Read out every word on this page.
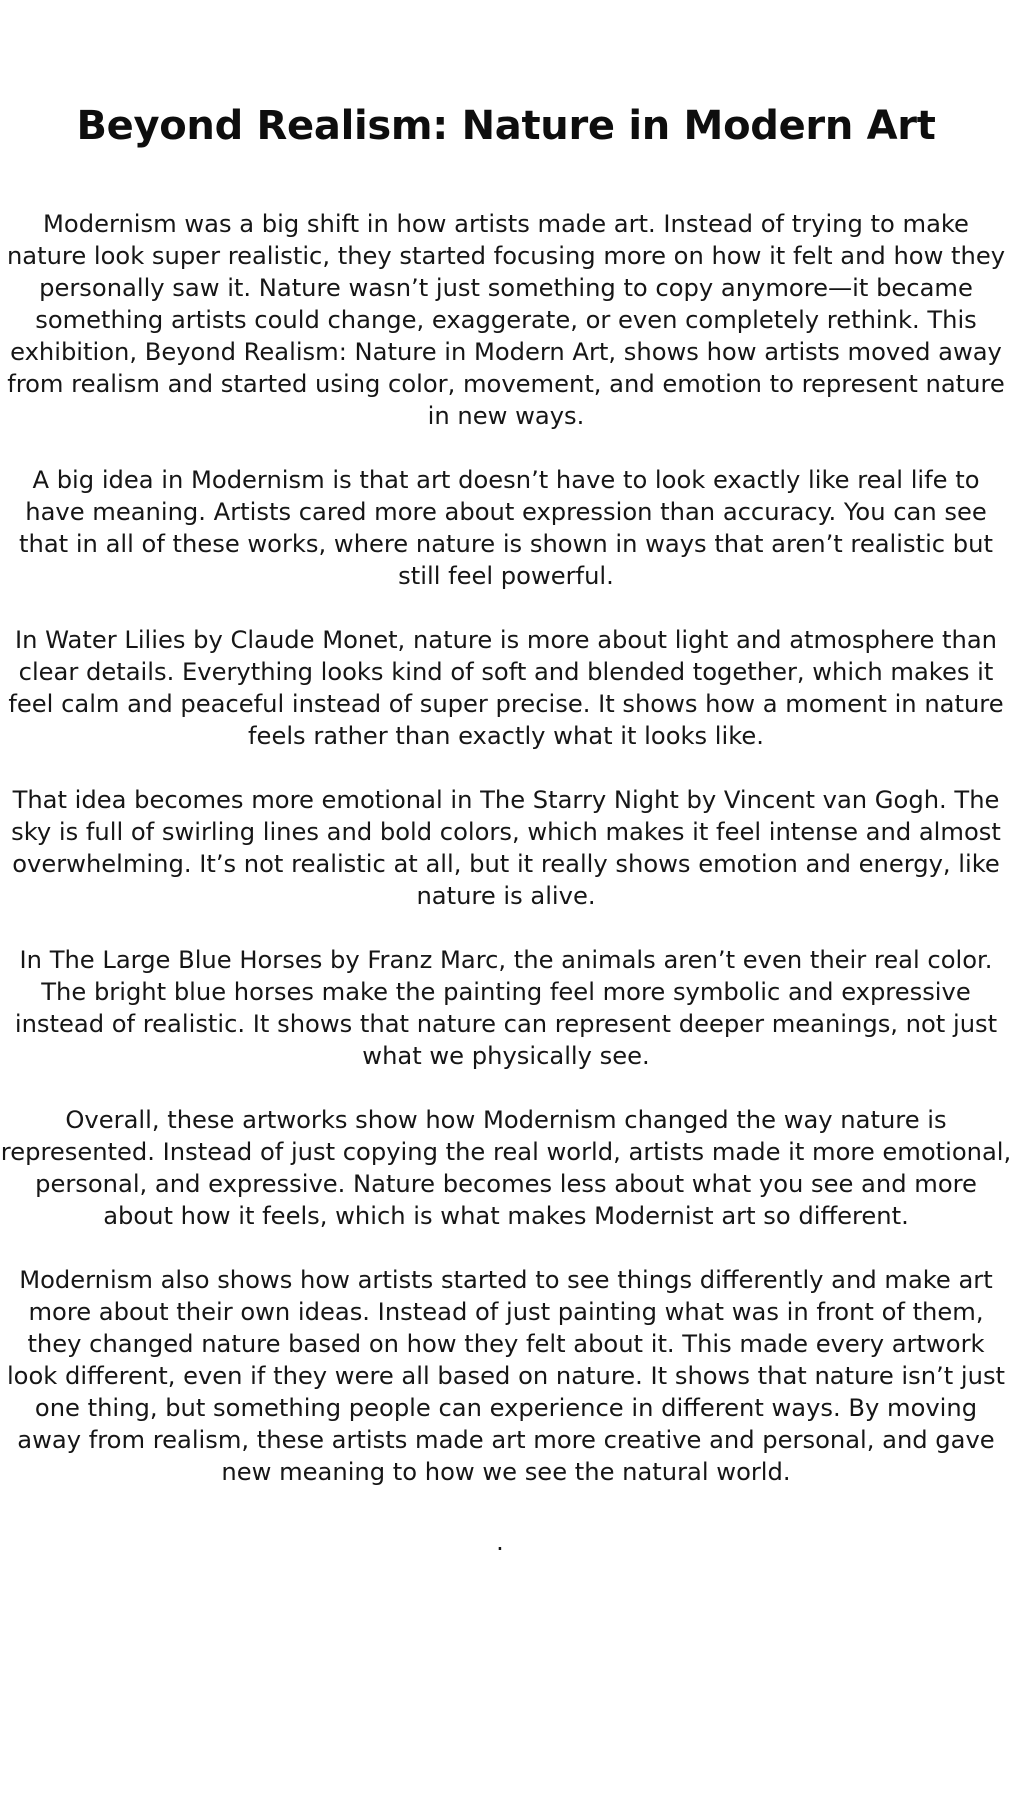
Beyond Realism: Nature in Modern Art

Modernism was a big shift in how artists made art. Instead of trying to make nature look super realistic, they started focusing more on how it felt and how they personally saw it. Nature wasn’t just something to copy anymore—it became something artists could change, exaggerate, or even completely rethink. This exhibition, Beyond Realism: Nature in Modern Art, shows how artists moved away from realism and started using color, movement, and emotion to represent nature in new ways.

A big idea in Modernism is that art doesn’t have to look exactly like real life to have meaning. Artists cared more about expression than accuracy. You can see that in all of these works, where nature is shown in ways that aren’t realistic but still feel powerful.

In Water Lilies by Claude Monet, nature is more about light and atmosphere than clear details. Everything looks kind of soft and blended together, which makes it feel calm and peaceful instead of super precise. It shows how a moment in nature feels rather than exactly what it looks like.

That idea becomes more emotional in The Starry Night by Vincent van Gogh. The sky is full of swirling lines and bold colors, which makes it feel intense and almost overwhelming. It’s not realistic at all, but it really shows emotion and energy, like nature is alive.

In The Large Blue Horses by Franz Marc, the animals aren’t even their real color. The bright blue horses make the painting feel more symbolic and expressive instead of realistic. It shows that nature can represent deeper meanings, not just what we physically see.

Overall, these artworks show how Modernism changed the way nature is represented. Instead of just copying the real world, artists made it more emotional, personal, and expressive. Nature becomes less about what you see and more about how it feels, which is what makes Modernist art so different.

Modernism also shows how artists started to see things differently and make art more about their own ideas. Instead of just painting what was in front of them, they changed nature based on how they felt about it. This made every artwork look different, even if they were all based on nature. It shows that nature isn’t just one thing, but something people can experience in different ways. By moving away from realism, these artists made art more creative and personal, and gave new meaning to how we see the natural world.

.
